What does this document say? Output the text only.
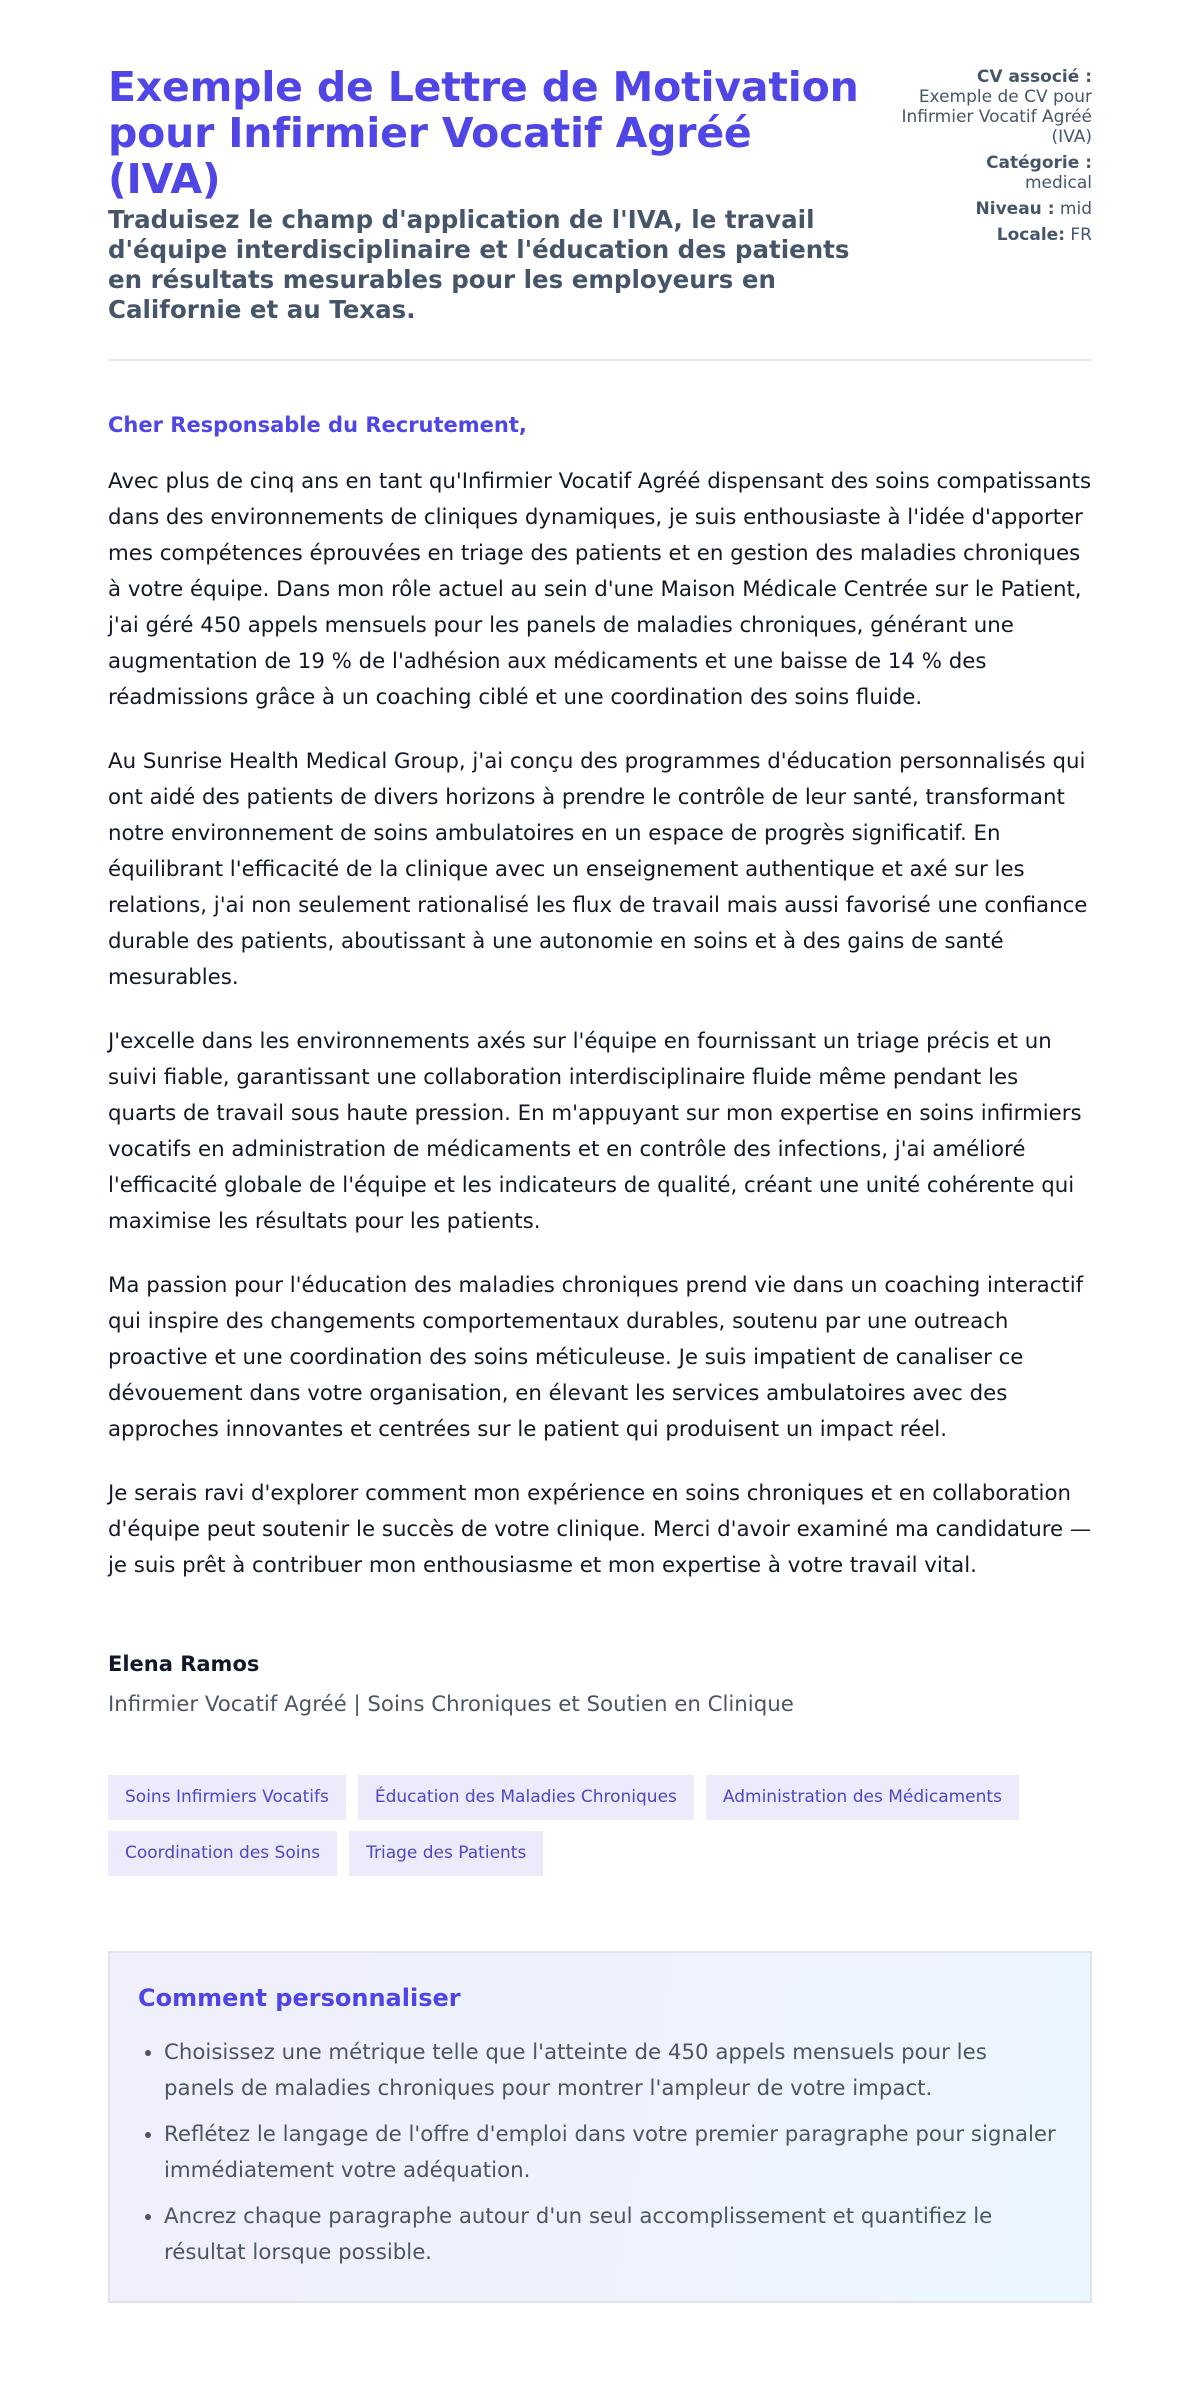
Exemple de Lettre de Motivation pour Infirmier Vocatif Agréé (IVA)
Traduisez le champ d'application de l'IVA, le travail d'équipe interdisciplinaire et l'éducation des patients en résultats mesurables pour les employeurs en Californie et au Texas.
CV associé :
Exemple de CV pour Infirmier Vocatif Agréé (IVA)
Catégorie :
medical
Niveau : mid
Locale: FR

Cher Responsable du Recrutement,

Avec plus de cinq ans en tant qu'Infirmier Vocatif Agréé dispensant des soins compatissants dans des environnements de cliniques dynamiques, je suis enthousiaste à l'idée d'apporter mes compétences éprouvées en triage des patients et en gestion des maladies chroniques à votre équipe. Dans mon rôle actuel au sein d'une Maison Médicale Centrée sur le Patient, j'ai géré 450 appels mensuels pour les panels de maladies chroniques, générant une augmentation de 19 % de l'adhésion aux médicaments et une baisse de 14 % des réadmissions grâce à un coaching ciblé et une coordination des soins fluide.

Au Sunrise Health Medical Group, j'ai conçu des programmes d'éducation personnalisés qui ont aidé des patients de divers horizons à prendre le contrôle de leur santé, transformant notre environnement de soins ambulatoires en un espace de progrès significatif. En équilibrant l'efficacité de la clinique avec un enseignement authentique et axé sur les relations, j'ai non seulement rationalisé les flux de travail mais aussi favorisé une confiance durable des patients, aboutissant à une autonomie en soins et à des gains de santé mesurables.

J'excelle dans les environnements axés sur l'équipe en fournissant un triage précis et un suivi fiable, garantissant une collaboration interdisciplinaire fluide même pendant les quarts de travail sous haute pression. En m'appuyant sur mon expertise en soins infirmiers vocatifs en administration de médicaments et en contrôle des infections, j'ai amélioré l'efficacité globale de l'équipe et les indicateurs de qualité, créant une unité cohérente qui maximise les résultats pour les patients.

Ma passion pour l'éducation des maladies chroniques prend vie dans un coaching interactif qui inspire des changements comportementaux durables, soutenu par une outreach proactive et une coordination des soins méticuleuse. Je suis impatient de canaliser ce dévouement dans votre organisation, en élevant les services ambulatoires avec des approches innovantes et centrées sur le patient qui produisent un impact réel.

Je serais ravi d'explorer comment mon expérience en soins chroniques et en collaboration d'équipe peut soutenir le succès de votre clinique. Merci d'avoir examiné ma candidature — je suis prêt à contribuer mon enthousiasme et mon expertise à votre travail vital.

Elena Ramos

Infirmier Vocatif Agréé | Soins Chroniques et Soutien en Clinique

Soins Infirmiers Vocatifs	Éducation des Maladies Chroniques	Administration des Médicaments
Coordination des Soins	Triage des Patients
Comment personnaliser
• Choisissez une métrique telle que l'atteinte de 450 appels mensuels pour les panels de maladies chroniques pour montrer l'ampleur de votre impact.
• Reflétez le langage de l'offre d'emploi dans votre premier paragraphe pour signaler immédiatement votre adéquation.
• Ancrez chaque paragraphe autour d'un seul accomplissement et quantifiez le résultat lorsque possible.
